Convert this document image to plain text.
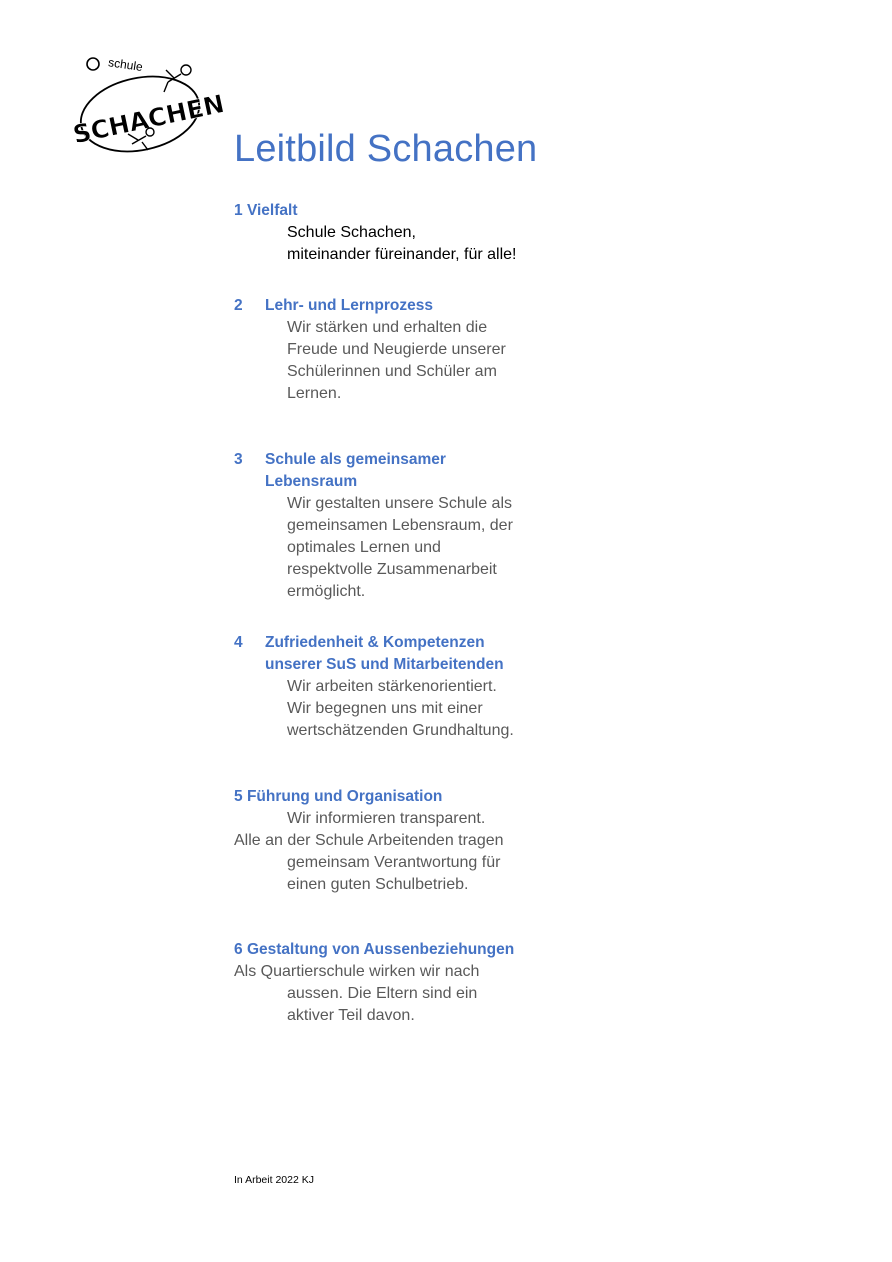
schule
SCHACHEN Leitbild Schachen

1 Vielfalt

Schule Schachen,
miteinander füreinander, für alle!

2	Lehr- und Lernprozess

Wir stärken und erhalten die
Freude und Neugierde unserer
Schülerinnen und Schüler am
Lernen.

3	Schule als gemeinsamer
Lebensraum

Wir gestalten unsere Schule als
gemeinsamen Lebensraum, der
optimales Lernen und
respektvolle Zusammenarbeit
ermöglicht.

4	Zufriedenheit & Kompetenzen
unserer SuS und Mitarbeitenden

Wir arbeiten stärkenorientiert.
Wir begegnen uns mit einer
wertschätzenden Grundhaltung.

5 Führung und Organisation

Wir informieren transparent.
Alle an der Schule Arbeitenden tragen
gemeinsam Verantwortung für
einen guten Schulbetrieb.

6 Gestaltung von Aussenbeziehungen

Als Quartierschule wirken wir nach
aussen. Die Eltern sind ein
aktiver Teil davon.

In Arbeit 2022 KJ
